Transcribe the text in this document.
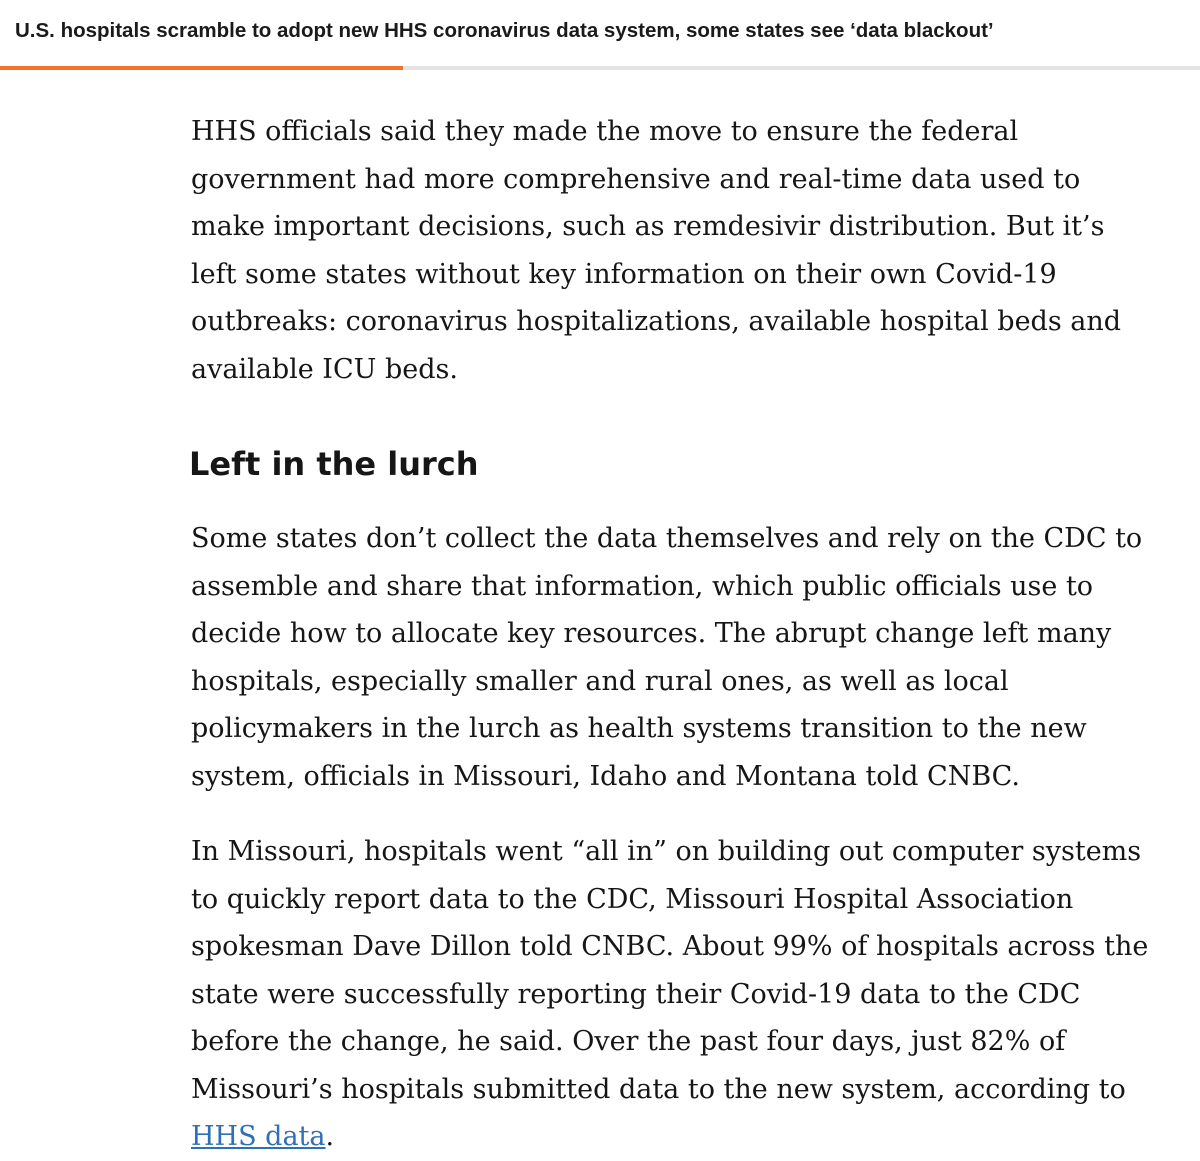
U.S. hospitals scramble to adopt new HHS coronavirus data system, some states see ‘data blackout’

HHS officials said they made the move to ensure the federal government had more comprehensive and real-time data used to make important decisions, such as remdesivir distribution. But it’s left some states without key information on their own Covid-19 outbreaks: coronavirus hospitalizations, available hospital beds and available ICU beds.

Left in the lurch

Some states don’t collect the data themselves and rely on the CDC to assemble and share that information, which public officials use to decide how to allocate key resources. The abrupt change left many hospitals, especially smaller and rural ones, as well as local policymakers in the lurch as health systems transition to the new system, officials in Missouri, Idaho and Montana told CNBC.

In Missouri, hospitals went “all in” on building out computer systems to quickly report data to the CDC, Missouri Hospital Association spokesman Dave Dillon told CNBC. About 99% of hospitals across the state were successfully reporting their Covid-19 data to the CDC before the change, he said. Over the past four days, just 82% of Missouri’s hospitals submitted data to the new system, according to HHS data.
